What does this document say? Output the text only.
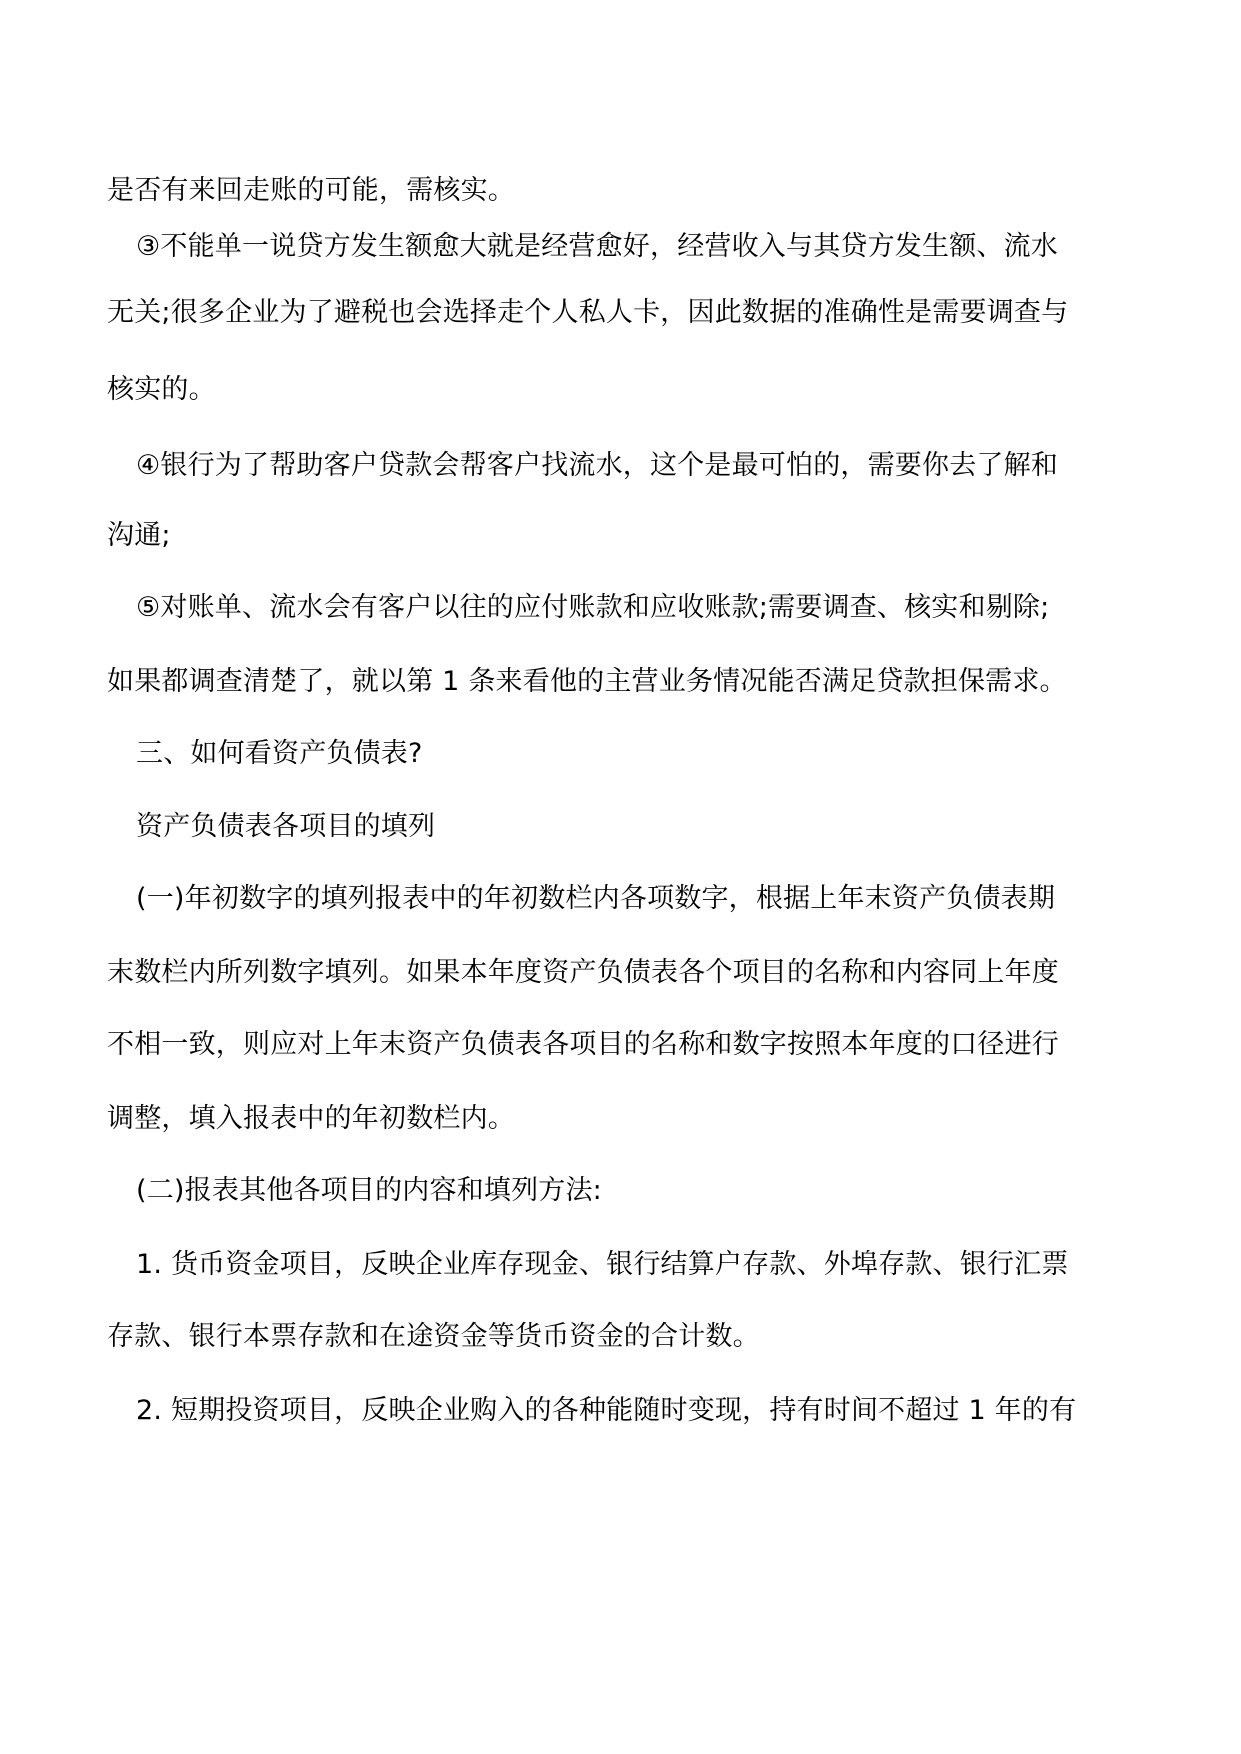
是否有来回走账的可能，需核实。
③不能单一说贷方发生额愈大就是经营愈好，经营收入与其贷方发生额、流水
无关;很多企业为了避税也会选择走个人私人卡，因此数据的准确性是需要调查与
核实的。
④银行为了帮助客户贷款会帮客户找流水，这个是最可怕的，需要你去了解和
沟通;
⑤对账单、流水会有客户以往的应付账款和应收账款;需要调查、核实和剔除;
如果都调查清楚了，就以第 1 条来看他的主营业务情况能否满足贷款担保需求。
三、如何看资产负债表?
资产负债表各项目的填列
(一)年初数字的填列报表中的年初数栏内各项数字，根据上年末资产负债表期
末数栏内所列数字填列。如果本年度资产负债表各个项目的名称和内容同上年度
不相一致，则应对上年末资产负债表各项目的名称和数字按照本年度的口径进行
调整，填入报表中的年初数栏内。
(二)报表其他各项目的内容和填列方法:
1. 货币资金项目，反映企业库存现金、银行结算户存款、外埠存款、银行汇票
存款、银行本票存款和在途资金等货币资金的合计数。
2. 短期投资项目，反映企业购入的各种能随时变现，持有时间不超过 1 年的有
